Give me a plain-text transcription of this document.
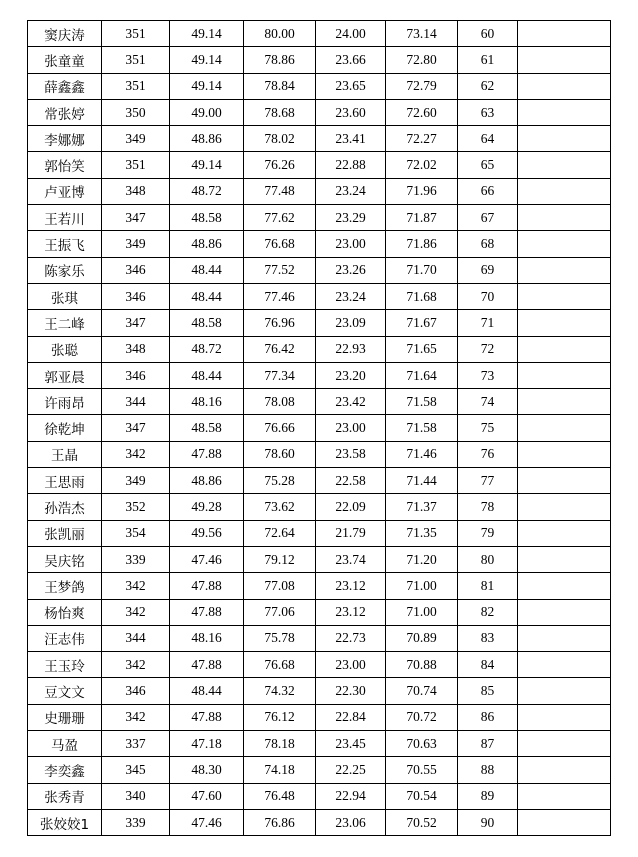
窦庆涛	351	49.14	80.00	24.00	73.14	60	
张童童	351	49.14	78.86	23.66	72.80	61	
薛鑫鑫	351	49.14	78.84	23.65	72.79	62	
常张婷	350	49.00	78.68	23.60	72.60	63	
李娜娜	349	48.86	78.02	23.41	72.27	64	
郭怡笑	351	49.14	76.26	22.88	72.02	65	
卢亚博	348	48.72	77.48	23.24	71.96	66	
王若川	347	48.58	77.62	23.29	71.87	67	
王振飞	349	48.86	76.68	23.00	71.86	68	
陈家乐	346	48.44	77.52	23.26	71.70	69	
张琪	346	48.44	77.46	23.24	71.68	70	
王二峰	347	48.58	76.96	23.09	71.67	71	
张聪	348	48.72	76.42	22.93	71.65	72	
郭亚晨	346	48.44	77.34	23.20	71.64	73	
许雨昂	344	48.16	78.08	23.42	71.58	74	
徐乾坤	347	48.58	76.66	23.00	71.58	75	
王晶	342	47.88	78.60	23.58	71.46	76	
王思雨	349	48.86	75.28	22.58	71.44	77	
孙浩杰	352	49.28	73.62	22.09	71.37	78	
张凯丽	354	49.56	72.64	21.79	71.35	79	
吴庆铭	339	47.46	79.12	23.74	71.20	80	
王梦鸽	342	47.88	77.08	23.12	71.00	81	
杨怡爽	342	47.88	77.06	23.12	71.00	82	
汪志伟	344	48.16	75.78	22.73	70.89	83	
王玉玲	342	47.88	76.68	23.00	70.88	84	
豆文文	346	48.44	74.32	22.30	70.74	85	
史珊珊	342	47.88	76.12	22.84	70.72	86	
马盈	337	47.18	78.18	23.45	70.63	87	
李奕鑫	345	48.30	74.18	22.25	70.55	88	
张秀青	340	47.60	76.48	22.94	70.54	89	
张姣姣1	339	47.46	76.86	23.06	70.52	90	
